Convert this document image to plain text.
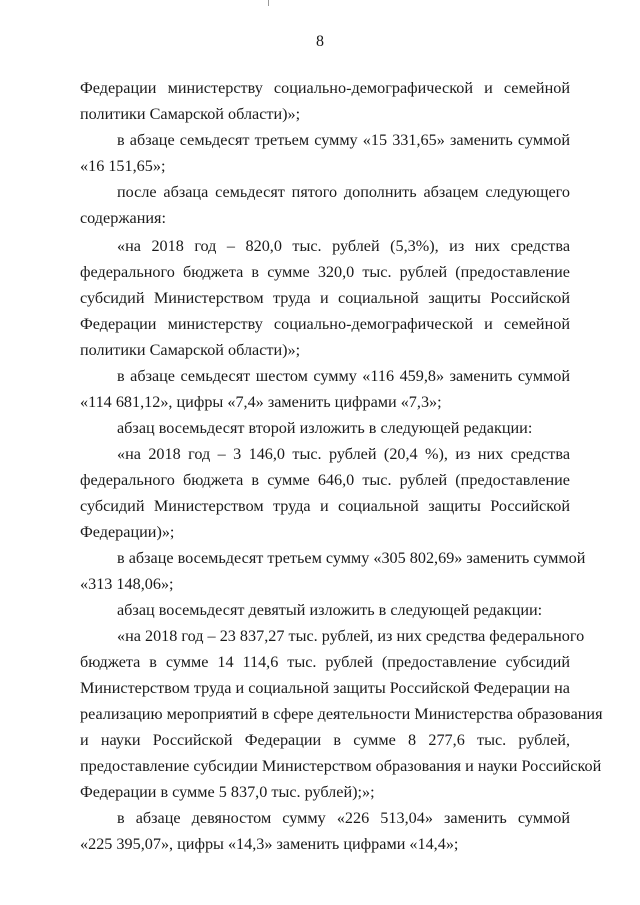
8
Федерации министерству социально-демографической и семейной
политики Самарской области)»;
в абзаце семьдесят третьем сумму «15 331,65» заменить суммой
«16 151,65»;
после абзаца семьдесят пятого дополнить абзацем следующего
содержания:
«на 2018 год – 820,0 тыс. рублей (5,3%), из них средства
федерального бюджета в сумме 320,0 тыс. рублей (предоставление
субсидий Министерством труда и социальной защиты Российской
Федерации министерству социально-демографической и семейной
политики Самарской области)»;
в абзаце семьдесят шестом сумму «116 459,8» заменить суммой
«114 681,12», цифры «7,4» заменить цифрами «7,3»;
абзац восемьдесят второй изложить в следующей редакции:
«на 2018 год – 3 146,0 тыс. рублей (20,4 %), из них средства
федерального бюджета в сумме 646,0 тыс. рублей (предоставление
субсидий Министерством труда и социальной защиты Российской
Федерации)»;
в абзаце восемьдесят третьем сумму «305 802,69» заменить суммой
«313 148,06»;
абзац восемьдесят девятый изложить в следующей редакции:
«на 2018 год – 23 837,27 тыс. рублей, из них средства федерального
бюджета в сумме 14 114,6 тыс. рублей (предоставление субсидий
Министерством труда и социальной защиты Российской Федерации на
реализацию мероприятий в сфере деятельности Министерства образования
и науки Российской Федерации в сумме 8 277,6 тыс. рублей,
предоставление субсидии Министерством образования и науки Российской
Федерации в сумме 5 837,0 тыс. рублей);»;
в абзаце девяностом сумму «226 513,04» заменить суммой
«225 395,07», цифры «14,3» заменить цифрами «14,4»;
